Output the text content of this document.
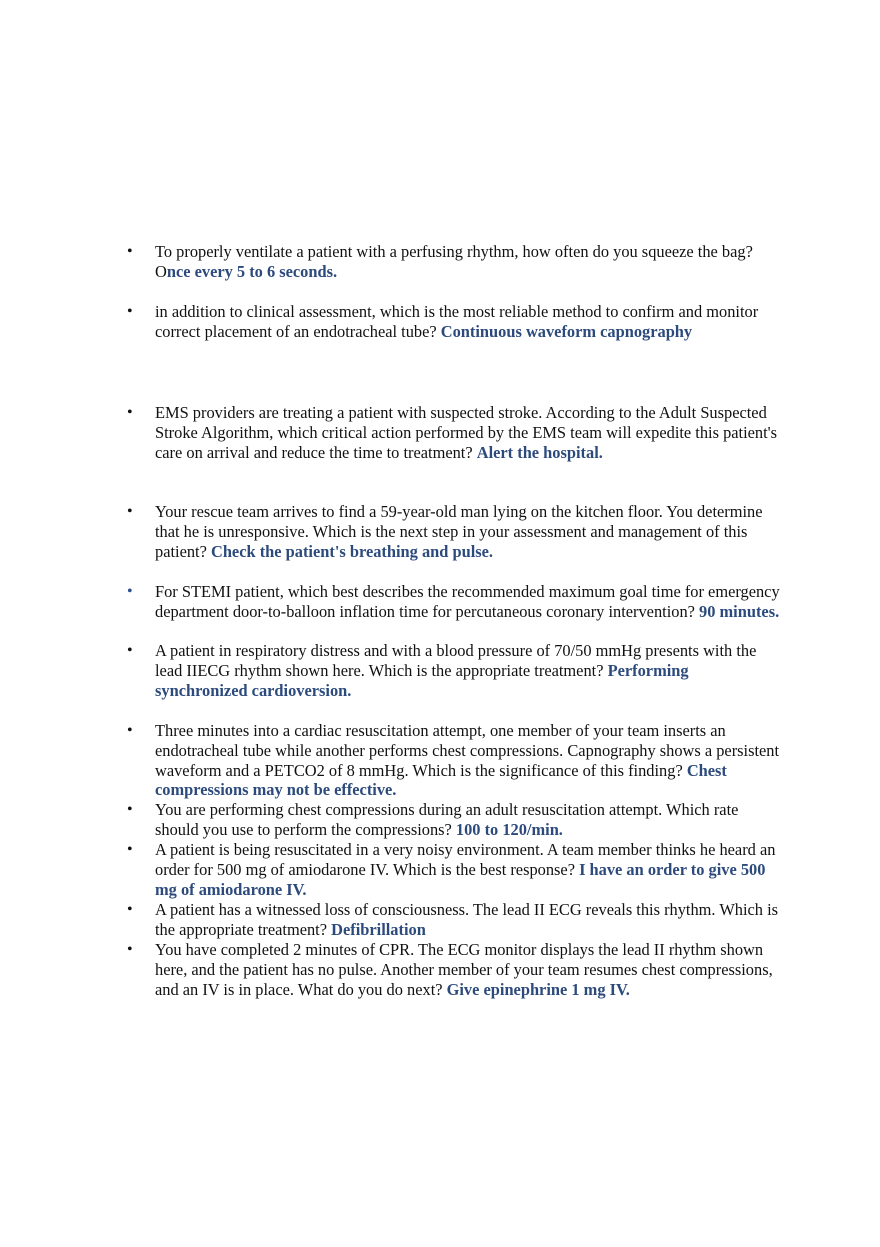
• To properly ventilate a patient with a perfusing rhythm, how often do you squeeze the bag? Once every 5 to 6 seconds.
• in addition to clinical assessment, which is the most reliable method to confirm and monitor correct placement of an endotracheal tube? Continuous waveform capnography
• EMS providers are treating a patient with suspected stroke. According to the Adult Suspected Stroke Algorithm, which critical action performed by the EMS team will expedite this patient's care on arrival and reduce the time to treatment? Alert the hospital.
• Your rescue team arrives to find a 59-year-old man lying on the kitchen floor. You determine that he is unresponsive. Which is the next step in your assessment and management of this patient? Check the patient's breathing and pulse.
• For STEMI patient, which best describes the recommended maximum goal time for emergency department door-to-balloon inflation time for percutaneous coronary intervention? 90 minutes.
• A patient in respiratory distress and with a blood pressure of 70/50 mmHg presents with the lead IIECG rhythm shown here. Which is the appropriate treatment? Performing synchronized cardioversion.
• Three minutes into a cardiac resuscitation attempt, one member of your team inserts an endotracheal tube while another performs chest compressions. Capnography shows a persistent waveform and a PETCO2 of 8 mmHg. Which is the significance of this finding? Chest compressions may not be effective.
• You are performing chest compressions during an adult resuscitation attempt. Which rate should you use to perform the compressions? 100 to 120/min.
• A patient is being resuscitated in a very noisy environment. A team member thinks he heard an order for 500 mg of amiodarone IV. Which is the best response? I have an order to give 500 mg of amiodarone IV.
• A patient has a witnessed loss of consciousness. The lead II ECG reveals this rhythm. Which is the appropriate treatment? Defibrillation
• You have completed 2 minutes of CPR. The ECG monitor displays the lead II rhythm shown here, and the patient has no pulse. Another member of your team resumes chest compressions, and an IV is in place. What do you do next? Give epinephrine 1 mg IV.
